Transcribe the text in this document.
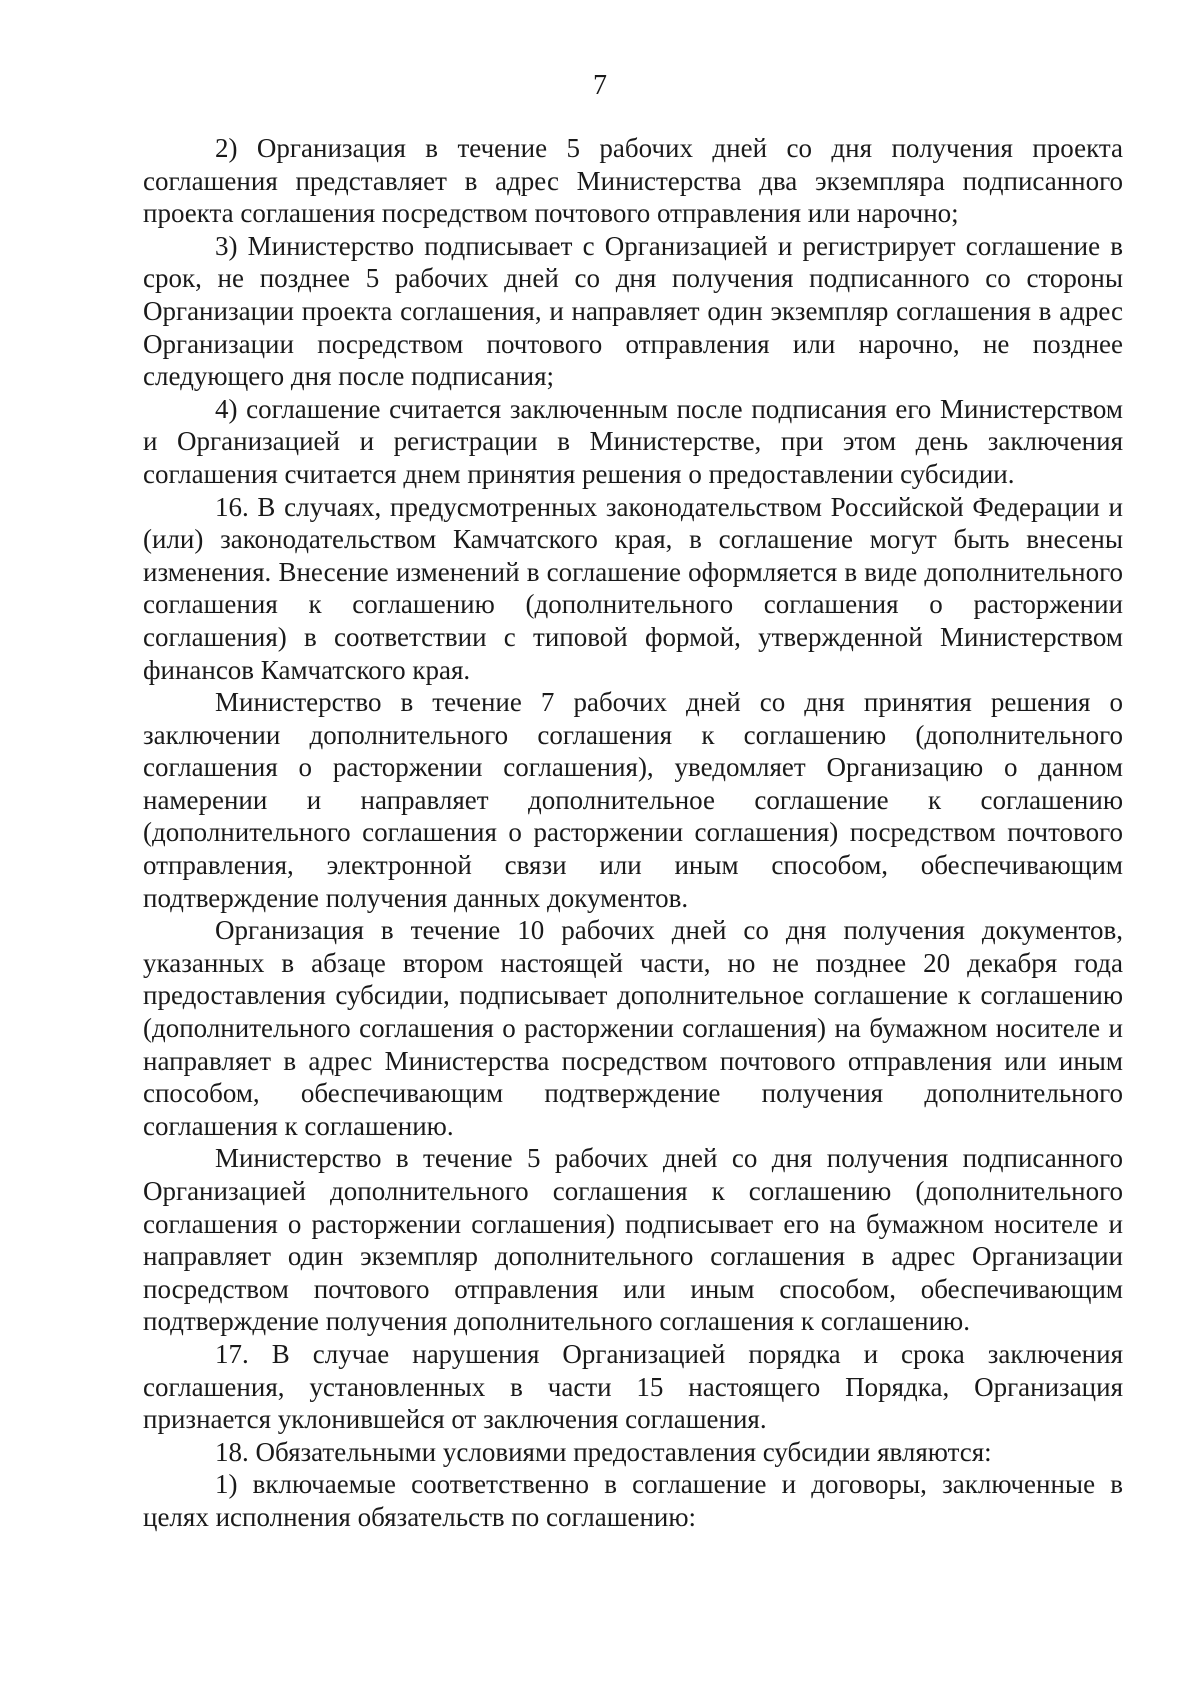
7

2) Организация в течение 5 рабочих дней со дня получения проекта соглашения представляет в адрес Министерства два экземпляра подписанного проекта соглашения посредством почтового отправления или нарочно;

3) Министерство подписывает с Организацией и регистрирует соглашение в срок, не позднее 5 рабочих дней со дня получения подписанного со стороны Организации проекта соглашения, и направляет один экземпляр соглашения в адрес Организации посредством почтового отправления или нарочно, не позднее следующего дня после подписания;

4) соглашение считается заключенным после подписания его Министерством и Организацией и регистрации в Министерстве, при этом день заключения соглашения считается днем принятия решения о предоставлении субсидии.

16. В случаях, предусмотренных законодательством Российской Федерации и (или) законодательством Камчатского края, в соглашение могут быть внесены изменения. Внесение изменений в соглашение оформляется в виде дополнительного соглашения к соглашению (дополнительного соглашения о расторжении соглашения) в соответствии с типовой формой, утвержденной Министерством финансов Камчатского края.

Министерство в течение 7 рабочих дней со дня принятия решения о заключении дополнительного соглашения к соглашению (дополнительного соглашения о расторжении соглашения), уведомляет Организацию о данном намерении и направляет дополнительное соглашение к соглашению (дополнительного соглашения о расторжении соглашения) посредством почтового отправления, электронной связи или иным способом, обеспечивающим подтверждение получения данных документов.

Организация в течение 10 рабочих дней со дня получения документов, указанных в абзаце втором настоящей части, но не позднее 20 декабря года предоставления субсидии, подписывает дополнительное соглашение к соглашению (дополнительного соглашения о расторжении соглашения) на бумажном носителе и направляет в адрес Министерства посредством почтового отправления или иным способом, обеспечивающим подтверждение получения дополнительного соглашения к соглашению.

Министерство в течение 5 рабочих дней со дня получения подписанного Организацией дополнительного соглашения к соглашению (дополнительного соглашения о расторжении соглашения) подписывает его на бумажном носителе и направляет один экземпляр дополнительного соглашения в адрес Организации посредством почтового отправления или иным способом, обеспечивающим подтверждение получения дополнительного соглашения к соглашению.

17. В случае нарушения Организацией порядка и срока заключения соглашения, установленных в части 15 настоящего Порядка, Организация признается уклонившейся от заключения соглашения.

18. Обязательными условиями предоставления субсидии являются:

1) включаемые соответственно в соглашение и договоры, заключенные в целях исполнения обязательств по соглашению:
